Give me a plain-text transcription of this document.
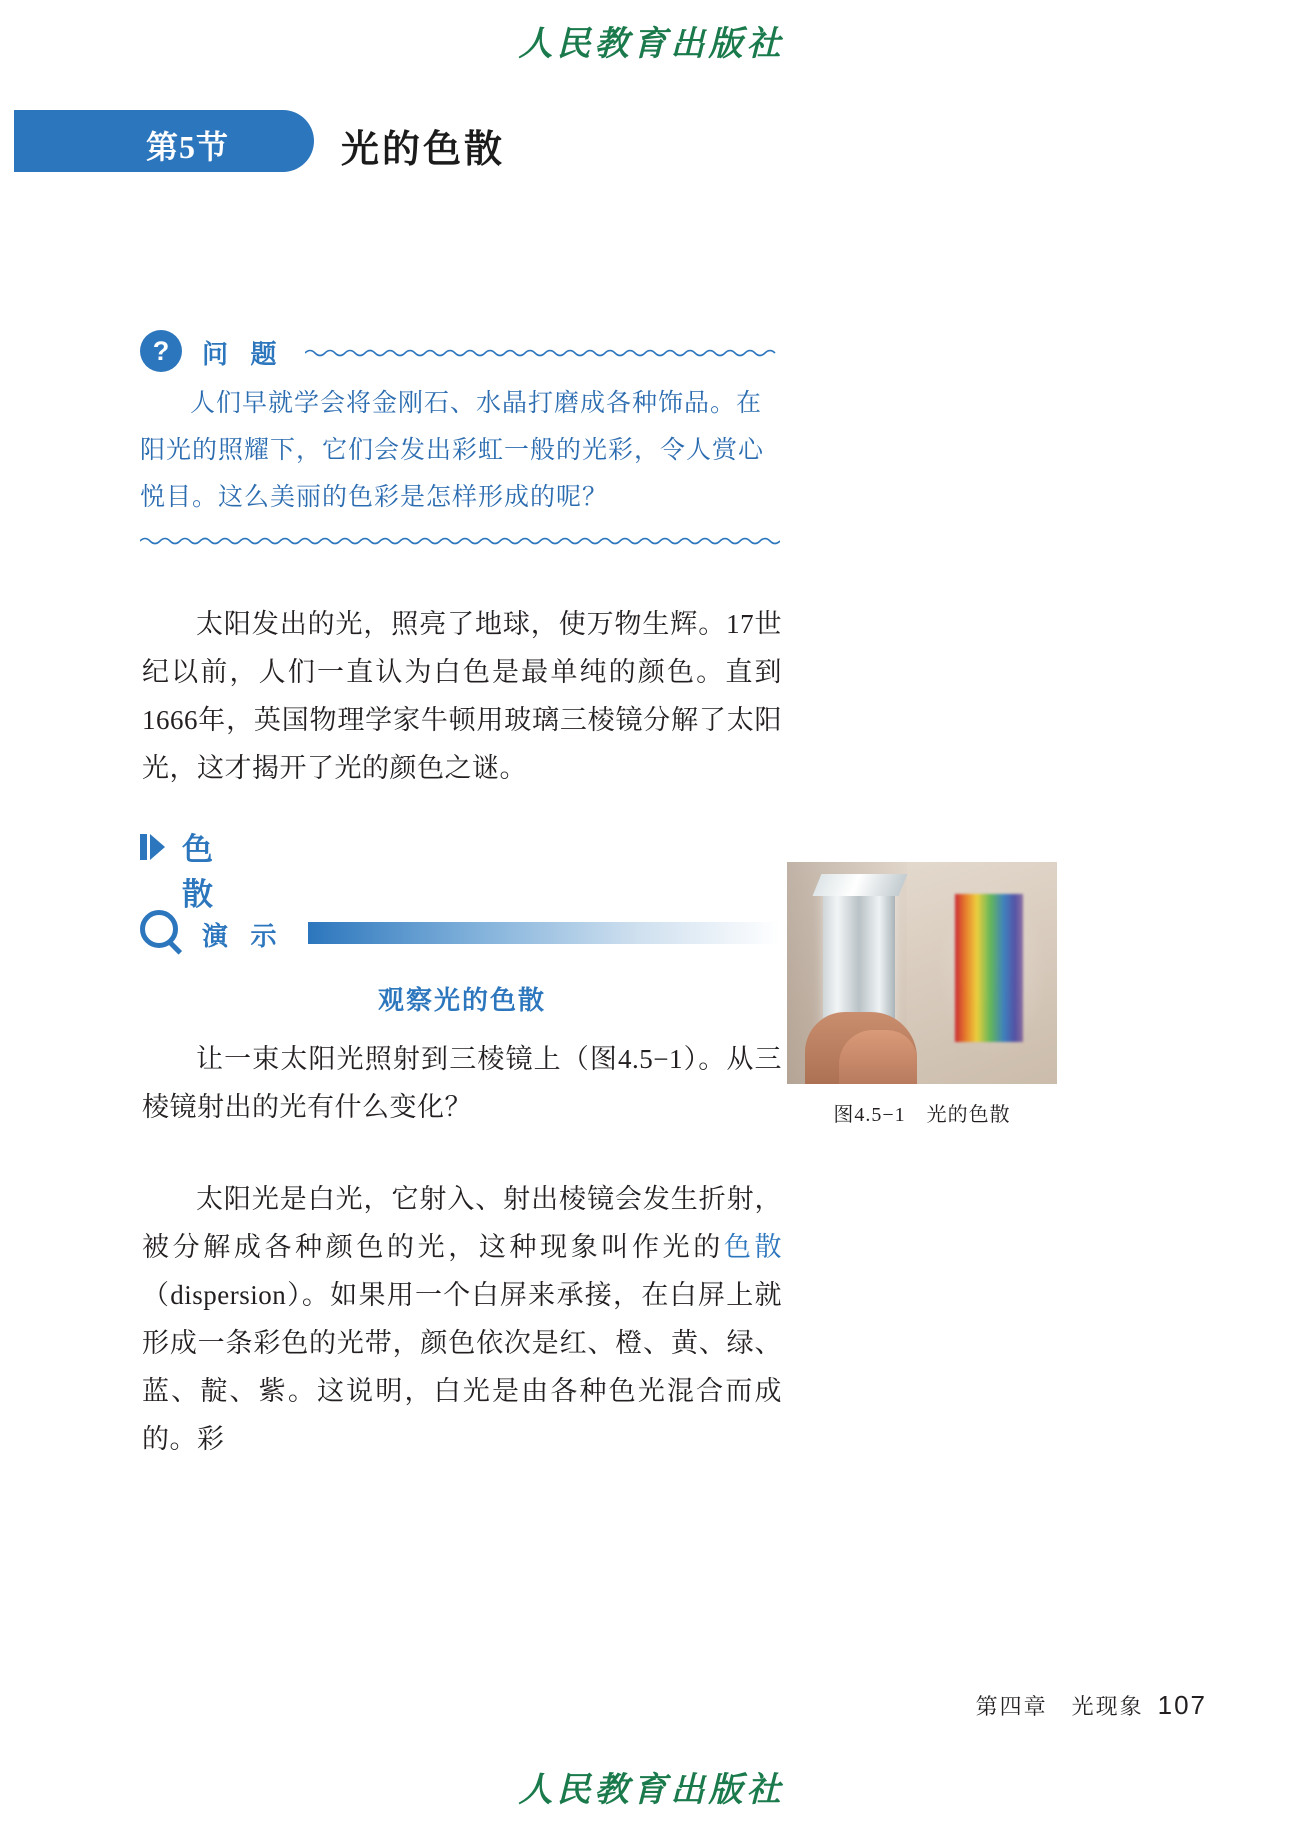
人民教育出版社
第5节	光的色散
?	问 题

人们早就学会将金刚石、水晶打磨成各种饰品。在阳光的照耀下，它们会发出彩虹一般的光彩，令人赏心悦目。这么美丽的色彩是怎样形成的呢？

太阳发出的光，照亮了地球，使万物生辉。17世纪以前，人们一直认为白色是最单纯的颜色。直到1666年，英国物理学家牛顿用玻璃三棱镜分解了太阳光，这才揭开了光的颜色之谜。

色散
演 示
观察光的色散

让一束太阳光照射到三棱镜上（图4.5−1）。从三棱镜射出的光有什么变化？

太阳光是白光，它射入、射出棱镜会发生折射，被分解成各种颜色的光，这种现象叫作光的色散（dispersion）。如果用一个白屏来承接，在白屏上就形成一条彩色的光带，颜色依次是红、橙、黄、绿、蓝、靛、紫。这说明，白光是由各种色光混合而成的。彩

图4.5−1　光的色散
第四章　光现象 107
人民教育出版社
